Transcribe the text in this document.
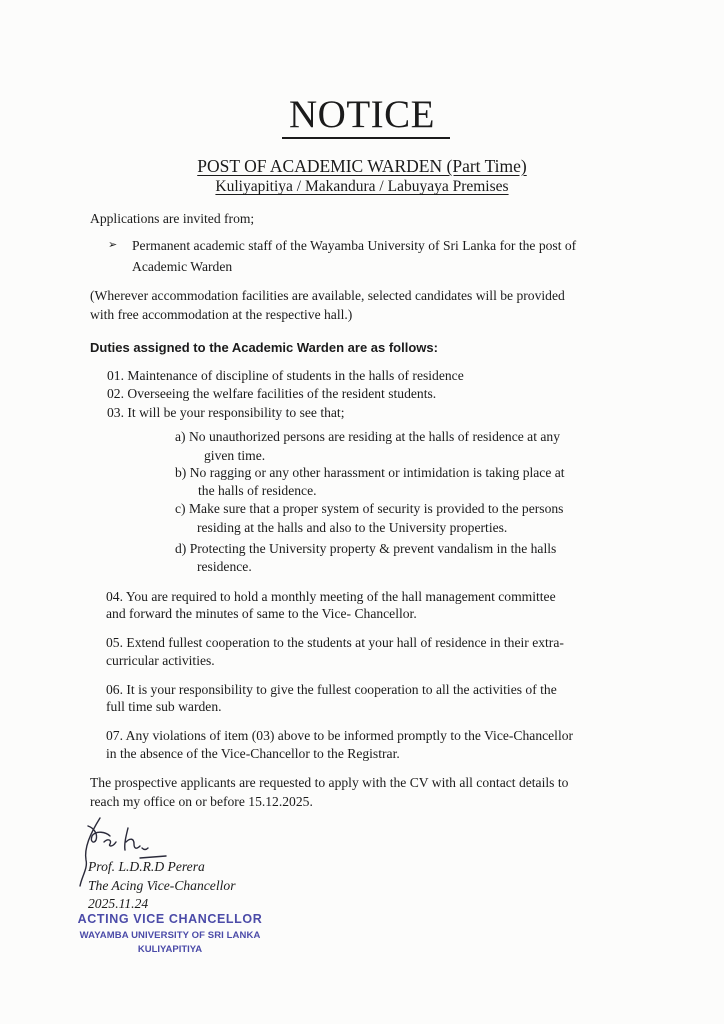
NOTICE
POST OF ACADEMIC WARDEN (Part Time)
Kuliyapitiya / Makandura / Labuyaya Premises
Applications are invited from;
➢ Permanent academic staff of the Wayamba University of Sri Lanka for the post of
Academic Warden
(Wherever accommodation facilities are available, selected candidates will be provided
with free accommodation at the respective hall.)
Duties assigned to the Academic Warden are as follows:
01. Maintenance of discipline of students in the halls of residence
02. Overseeing the welfare facilities of the resident students.
03. It will be your responsibility to see that;
a) No unauthorized persons are residing at the halls of residence at any
given time.
b) No ragging or any other harassment or intimidation is taking place at
the halls of residence.
c) Make sure that a proper system of security is provided to the persons
residing at the halls and also to the University properties.
d) Protecting the University property & prevent vandalism in the halls
residence.
04. You are required to hold a monthly meeting of the hall management committee
and forward the minutes of same to the Vice- Chancellor.
05. Extend fullest cooperation to the students at your hall of residence in their extra-
curricular activities.
06. It is your responsibility to give the fullest cooperation to all the activities of the
full time sub warden.
07. Any violations of item (03) above to be informed promptly to the Vice-Chancellor
in the absence of the Vice-Chancellor to the Registrar.
The prospective applicants are requested to apply with the CV with all contact details to
reach my office on or before 15.12.2025.
Prof. L.D.R.D Perera
The Acing Vice-Chancellor
2025.11.24
ACTING VICE CHANCELLOR
WAYAMBA UNIVERSITY OF SRI LANKA
KULIYAPITIYA
